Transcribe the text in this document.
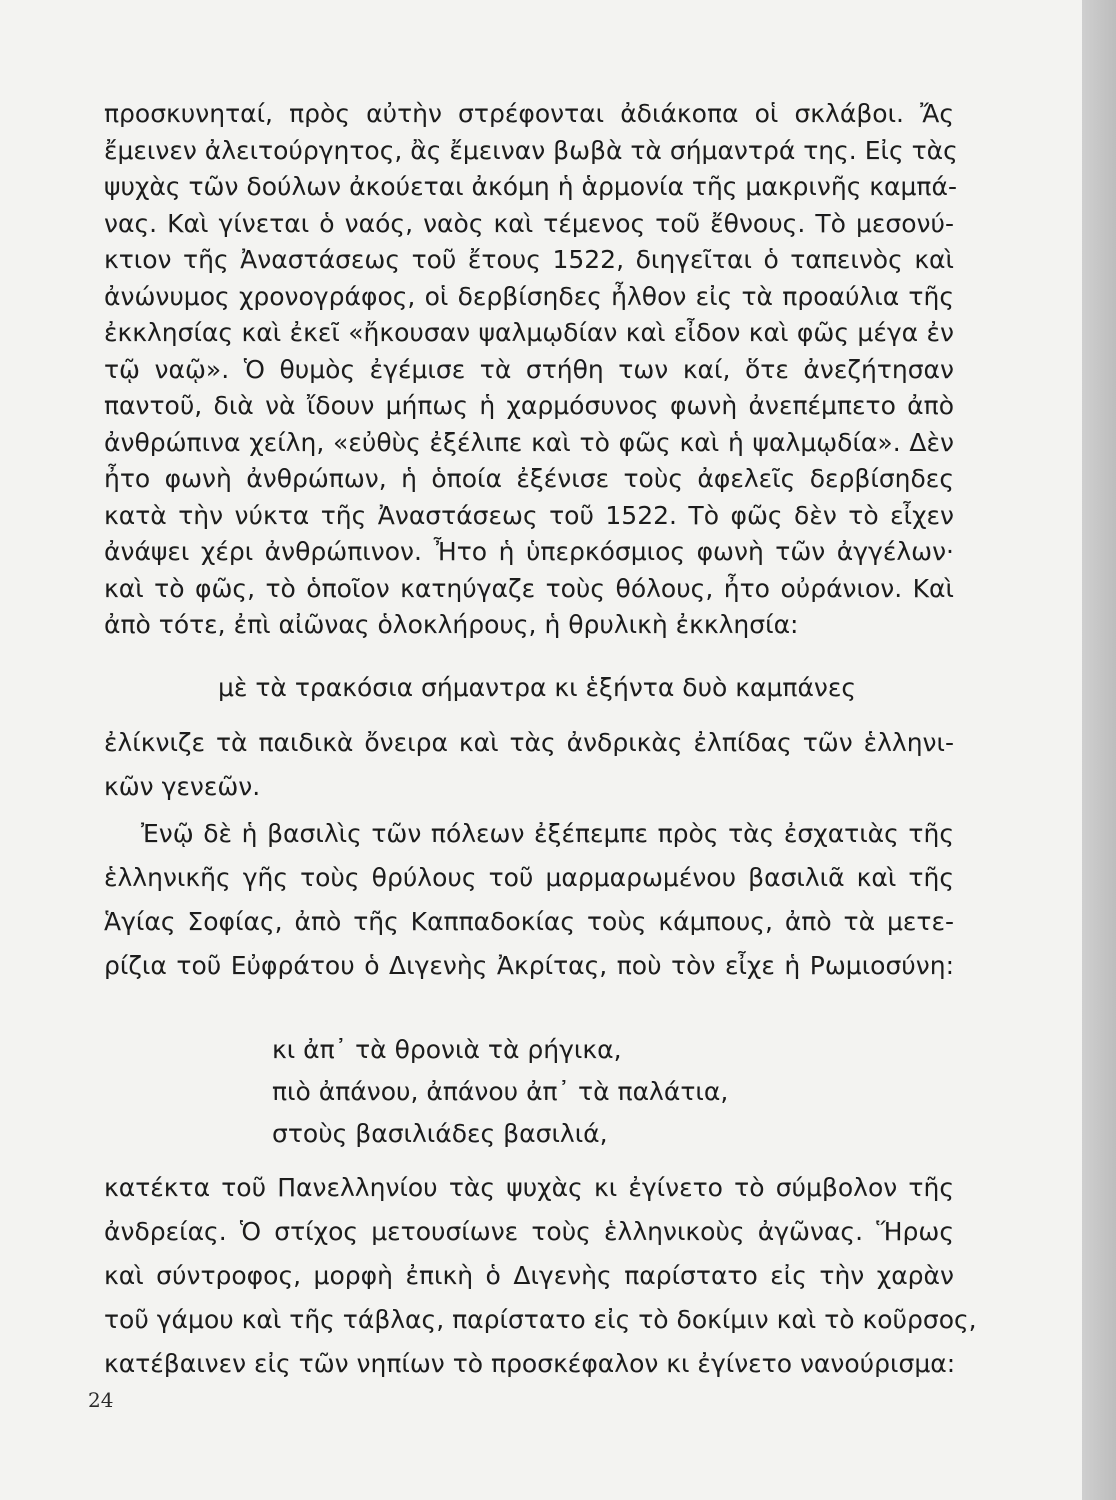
προσκυνηταί, πρὸς αὐτὴν στρέφονται ἀδιάκοπα οἱ σκλάβοι. Ἄς
ἔμεινεν ἀλειτούργητος, ἂς ἔμειναν βωβὰ τὰ σήμαντρά της. Εἰς τὰς
ψυχὰς τῶν δούλων ἀκούεται ἀκόμη ἡ ἁρμονία τῆς μακρινῆς καμπά-
νας. Καὶ γίνεται ὁ ναός, ναὸς καὶ τέμενος τοῦ ἔθνους. Τὸ μεσονύ-
κτιον τῆς Ἀναστάσεως τοῦ ἔτους 1522, διηγεῖται ὁ ταπεινὸς καὶ
ἀνώνυμος χρονογράφος, οἱ δερβίσηδες ἦλθον εἰς τὰ προαύλια τῆς
ἐκκλησίας καὶ ἐκεῖ «ἤκουσαν ψαλμῳδίαν καὶ εἶδον καὶ φῶς μέγα ἐν
τῷ ναῷ». Ὁ θυμὸς ἐγέμισε τὰ στήθη των καί, ὅτε ἀνεζήτησαν
παντοῦ, διὰ νὰ ἴδουν μήπως ἡ χαρμόσυνος φωνὴ ἀνεπέμπετο ἀπὸ
ἀνθρώπινα χείλη, «εὐθὺς ἐξέλιπε καὶ τὸ φῶς καὶ ἡ ψαλμῳδία». Δὲν
ἦτο φωνὴ ἀνθρώπων, ἡ ὁποία ἐξένισε τοὺς ἀφελεῖς δερβίσηδες
κατὰ τὴν νύκτα τῆς Ἀναστάσεως τοῦ 1522. Τὸ φῶς δὲν τὸ εἶχεν
ἀνάψει χέρι ἀνθρώπινον. Ἦτο ἡ ὑπερκόσμιος φωνὴ τῶν ἀγγέλων·
καὶ τὸ φῶς, τὸ ὁποῖον κατηύγαζε τοὺς θόλους, ἦτο οὐράνιον. Καὶ
ἀπὸ τότε, ἐπὶ αἰῶνας ὁλοκλήρους, ἡ θρυλικὴ ἐκκλησία:
μὲ τὰ τρακόσια σήμαντρα κι ἑξήντα δυὸ καμπάνες
ἐλίκνιζε τὰ παιδικὰ ὄνειρα καὶ τὰς ἀνδρικὰς ἐλπίδας τῶν ἑλληνι-
κῶν γενεῶν.
Ἐνῷ δὲ ἡ βασιλὶς τῶν πόλεων ἐξέπεμπε πρὸς τὰς ἐσχατιὰς τῆς
ἑλληνικῆς γῆς τοὺς θρύλους τοῦ μαρμαρωμένου βασιλιᾶ καὶ τῆς
Ἁγίας Σοφίας, ἀπὸ τῆς Καππαδοκίας τοὺς κάμπους, ἀπὸ τὰ μετε-
ρίζια τοῦ Εὐφράτου ὁ Διγενὴς Ἀκρίτας, ποὺ τὸν εἶχε ἡ Ρωμιοσύνη:
κι ἀπ᾽ τὰ θρονιὰ τὰ ρήγικα,
πιὸ ἀπάνου, ἀπάνου ἀπ᾽ τὰ παλάτια,
στοὺς βασιλιάδες βασιλιά,
κατέκτα τοῦ Πανελληνίου τὰς ψυχὰς κι ἐγίνετο τὸ σύμβολον τῆς
ἀνδρείας. Ὁ στίχος μετουσίωνε τοὺς ἑλληνικοὺς ἀγῶνας. Ἥρως
καὶ σύντροφος, μορφὴ ἐπικὴ ὁ Διγενὴς παρίστατο εἰς τὴν χαρὰν
τοῦ γάμου καὶ τῆς τάβλας, παρίστατο εἰς τὸ δοκίμιν καὶ τὸ κοῦρσος,
κατέβαινεν εἰς τῶν νηπίων τὸ προσκέφαλον κι ἐγίνετο νανούρισμα:
24
